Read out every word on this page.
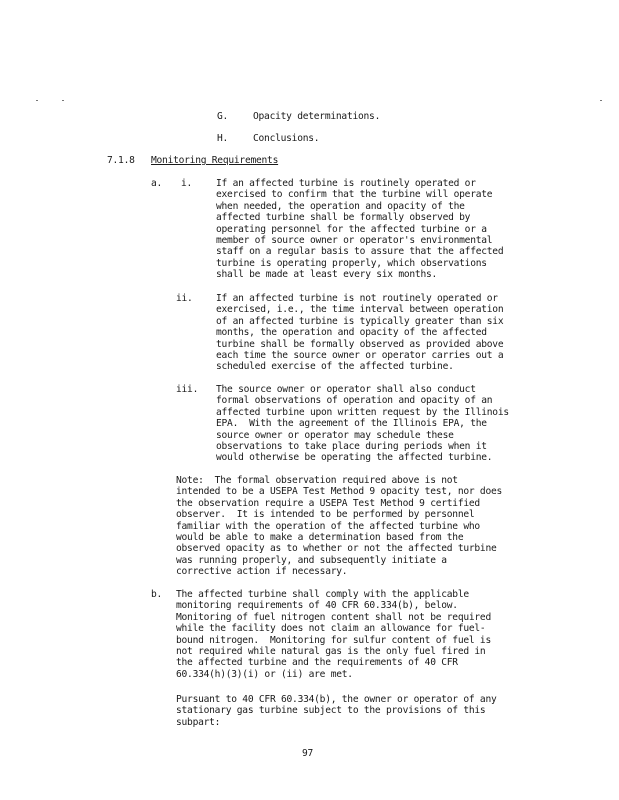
G.	Opacity determinations.
H.	Conclusions.
7.1.8 Monitoring Requirements
a. i. If an affected turbine is routinely operated or
exercised to confirm that the turbine will operate
when needed, the operation and opacity of the
affected turbine shall be formally observed by
operating personnel for the affected turbine or a
member of source owner or operator's environmental
staff on a regular basis to assure that the affected
turbine is operating properly, which observations
shall be made at least every six months.
ii. If an affected turbine is not routinely operated or
exercised, i.e., the time interval between operation
of an affected turbine is typically greater than six
months, the operation and opacity of the affected
turbine shall be formally observed as provided above
each time the source owner or operator carries out a
scheduled exercise of the affected turbine.
iii. The source owner or operator shall also conduct
formal observations of operation and opacity of an
affected turbine upon written request by the Illinois
EPA.  With the agreement of the Illinois EPA, the
source owner or operator may schedule these
observations to take place during periods when it
would otherwise be operating the affected turbine.
Note:  The formal observation required above is not
intended to be a USEPA Test Method 9 opacity test, nor does
the observation require a USEPA Test Method 9 certified
observer.  It is intended to be performed by personnel
familiar with the operation of the affected turbine who
would be able to make a determination based from the
observed opacity as to whether or not the affected turbine
was running properly, and subsequently initiate a
corrective action if necessary.
b. The affected turbine shall comply with the applicable
monitoring requirements of 40 CFR 60.334(b), below.
Monitoring of fuel nitrogen content shall not be required
while the facility does not claim an allowance for fuel-
bound nitrogen.  Monitoring for sulfur content of fuel is
not required while natural gas is the only fuel fired in
the affected turbine and the requirements of 40 CFR
60.334(h)(3)(i) or (ii) are met.
Pursuant to 40 CFR 60.334(b), the owner or operator of any
stationary gas turbine subject to the provisions of this
subpart:
97
